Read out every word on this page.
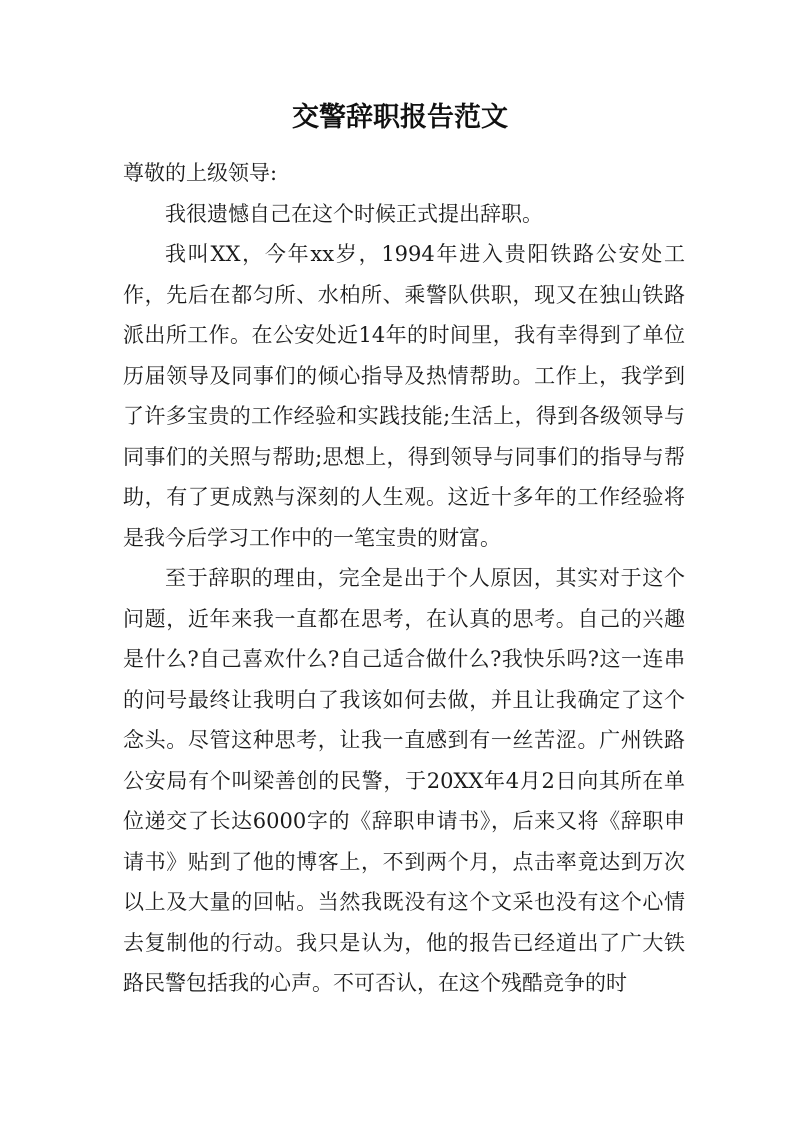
交警辞职报告范文

尊敬的上级领导:

我很遗憾自己在这个时候正式提出辞职。

我叫XX，今年xx岁，1994年进入贵阳铁路公安处工作，先后在都匀所、水柏所、乘警队供职，现又在独山铁路派出所工作。在公安处近14年的时间里，我有幸得到了单位历届领导及同事们的倾心指导及热情帮助。工作上，我学到了许多宝贵的工作经验和实践技能;生活上，得到各级领导与同事们的关照与帮助;思想上，得到领导与同事们的指导与帮助，有了更成熟与深刻的人生观。这近十多年的工作经验将是我今后学习工作中的一笔宝贵的财富。

至于辞职的理由，完全是出于个人原因，其实对于这个问题，近年来我一直都在思考，在认真的思考。自己的兴趣是什么?自己喜欢什么?自己适合做什么?我快乐吗?这一连串的问号最终让我明白了我该如何去做，并且让我确定了这个念头。尽管这种思考，让我一直感到有一丝苦涩。广州铁路公安局有个叫梁善创的民警，于20XX年4月2日向其所在单位递交了长达6000字的《辞职申请书》，后来又将《辞职申请书》贴到了他的博客上，不到两个月，点击率竟达到万次以上及大量的回帖。当然我既没有这个文采也没有这个心情去复制他的行动。我只是认为，他的报告已经道出了广大铁路民警包括我的心声。不可否认，在这个残酷竞争的时
